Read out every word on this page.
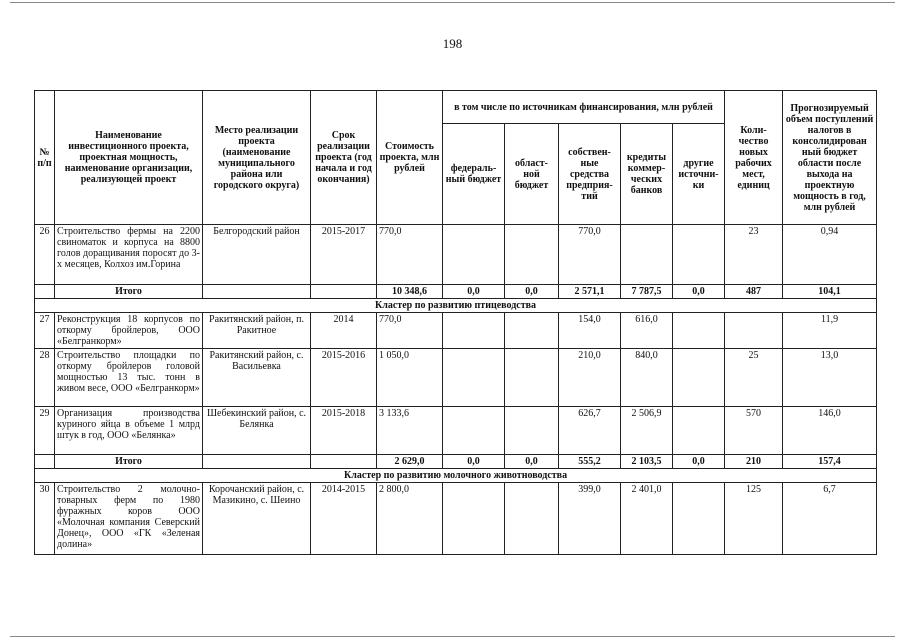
198
№ п/п	Наименование инвестиционного проекта, проектная мощность, наименование организации, реализующей проект	Место реализации проекта (наименование муниципального района или городского округа)	Срок реализации проекта (год начала и год окончания)	Стоимость проекта, млн рублей	в том числе по источникам финансирования, млн рублей					Коли-чество новых рабочих мест, единиц	Прогнозируемый объем поступлений налогов в консолидирован ный бюджет области после выхода на проектную мощность в год, млн рублей
					федераль-ный бюджет	област-ной бюджет	собствен-ные средства предприя-тий	кредиты коммер-ческих банков	другие источни-ки		
26	Строительство фермы на 2200 свиноматок и корпуса на 8800 голов доращивания поросят до 3-х месяцев, Колхоз им.Горина	Белгородский район	2015-2017	770,0			770,0			23	0,94
	Итого			10 348,6	0,0	0,0	2 571,1	7 787,5	0,0	487	104,1
Кластер по развитию птицеводства											
27	Реконструкция 18 корпусов по откорму бройлеров, ООО «Белгранкорм»	Ракитянский район, п. Ракитное	2014	770,0			154,0	616,0			11,9
28	Строительство площадки по откорму бройлеров головой мощностью 13 тыс. тонн в живом весе, ООО «Белгранкорм»	Ракитянский район, с. Васильевка	2015-2016	1 050,0			210,0	840,0		25	13,0
29	Организация производства куриного яйца в объеме 1 млрд штук в год, ООО «Белянка»	Шебекинский район, с. Белянка	2015-2018	3 133,6			626,7	2 506,9		570	146,0
	Итого			2 629,0	0,0	0,0	555,2	2 103,5	0,0	210	157,4
Кластер по развитию молочного животноводства											
30	Строительство 2 молочно-товарных ферм по 1980 фуражных коров ООО «Молочная компания Северский Донец», ООО «ГК «Зеленая долина»	Корочанский район, с. Мазикино, с. Шеино	2014-2015	2 800,0			399,0	2 401,0		125	6,7
